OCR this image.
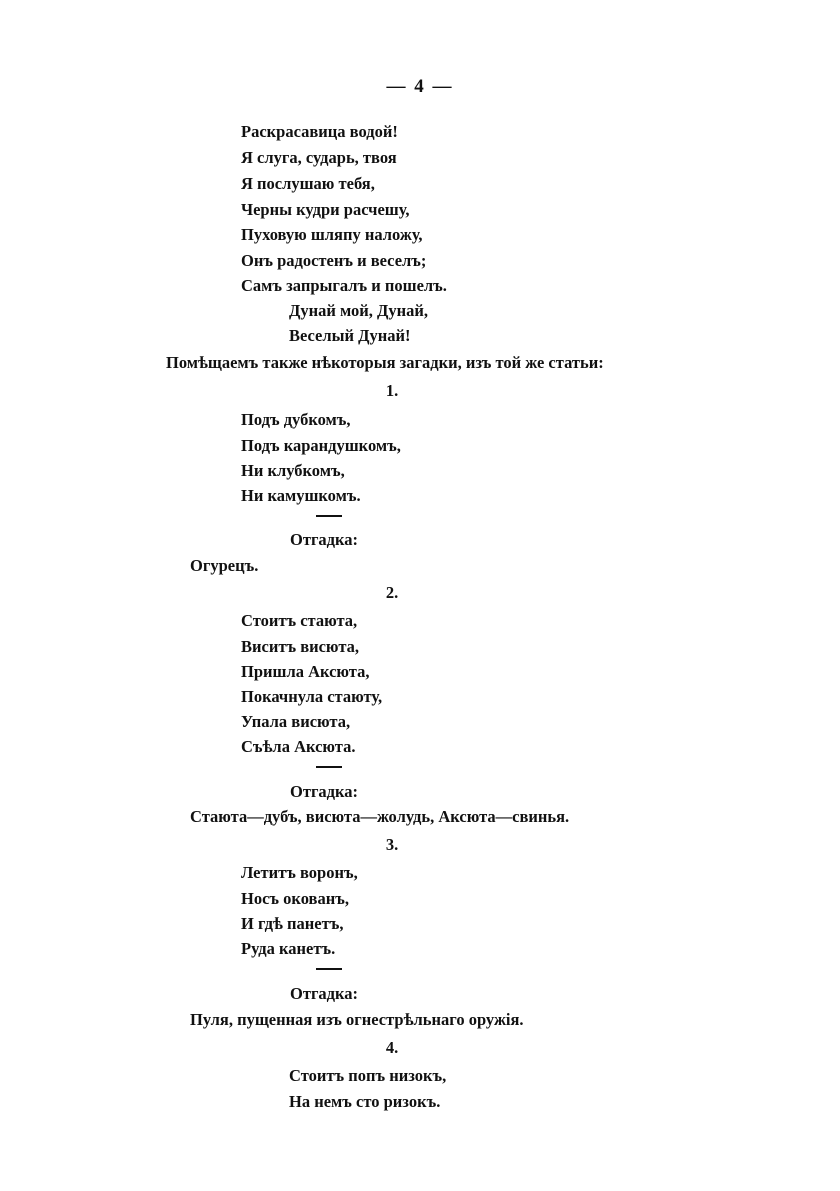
— 4 —
Раскрасавица водой!
Я слуга, сударь, твоя
Я послушаю тебя,
Черны кудри расчешу,
Пуховую шляпу наложу,
Онъ радостенъ и веселъ;
Самъ запрыгалъ и пошелъ.
Дунай мой, Дунай,
Веселый Дунай!
Помѣщаемъ также нѣкоторыя загадки, изъ той же статьи:
1.
Подъ дубкомъ,
Подъ карандушкомъ,
Ни клубкомъ,
Ни камушкомъ.
Отгадка:
Огурецъ.
2.
Стоитъ стаюта,
Виситъ висюта,
Пришла Аксюта,
Покачнула стаюту,
Упала висюта,
Съѣла Аксюта.
Отгадка:
Стаюта—дубъ, висюта—жолудь, Аксюта—свинья.
3.
Летитъ воронъ,
Носъ окованъ,
И гдѣ панетъ,
Руда канетъ.
Отгадка:
Пуля, пущенная изъ огнестрѣльнаго оружія.
4.
Стоитъ попъ низокъ,
На немъ сто ризокъ.
